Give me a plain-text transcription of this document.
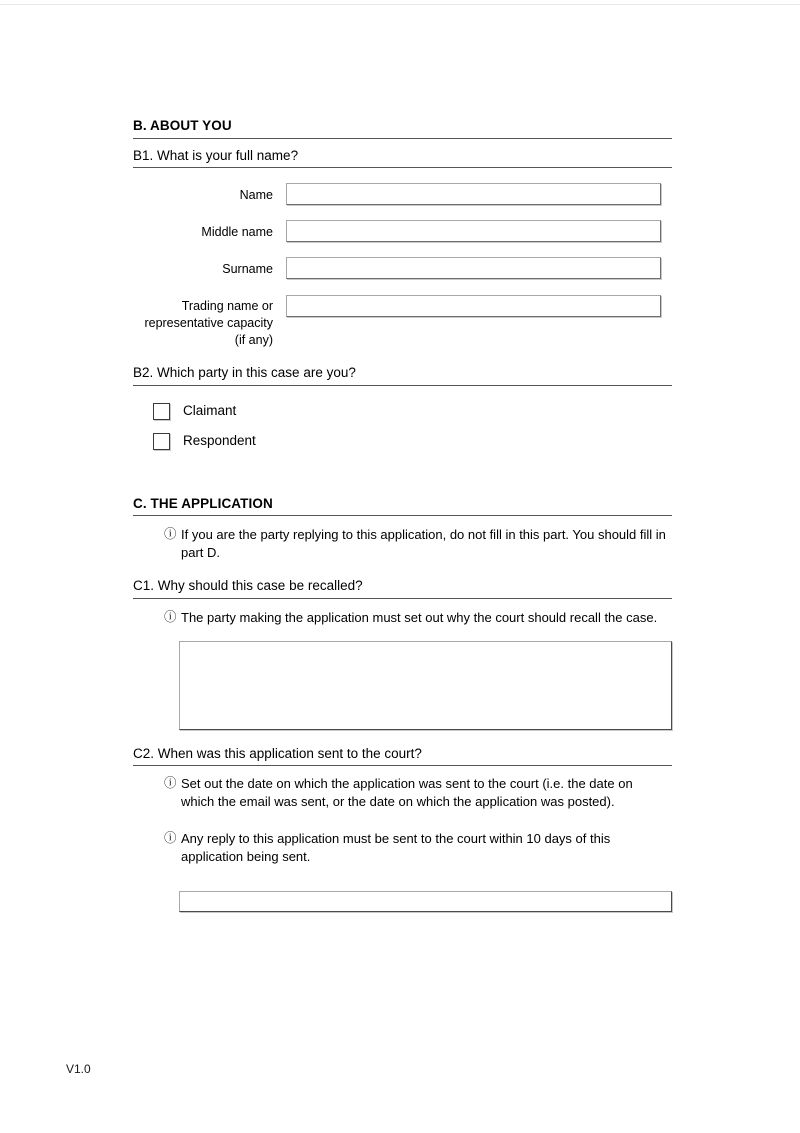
B. ABOUT YOU
B1. What is your full name?
Name
Middle name
Surname
Trading name or representative capacity (if any)
B2. Which party in this case are you?
Claimant
Respondent
C. THE APPLICATION
ⓘ If you are the party replying to this application, do not fill in this part. You should fill in part D.
C1. Why should this case be recalled?
ⓘ The party making the application must set out why the court should recall the case.
C2. When was this application sent to the court?
ⓘ Set out the date on which the application was sent to the court (i.e. the date on which the email was sent, or the date on which the application was posted).
ⓘ Any reply to this application must be sent to the court within 10 days of this application being sent.
V1.0
